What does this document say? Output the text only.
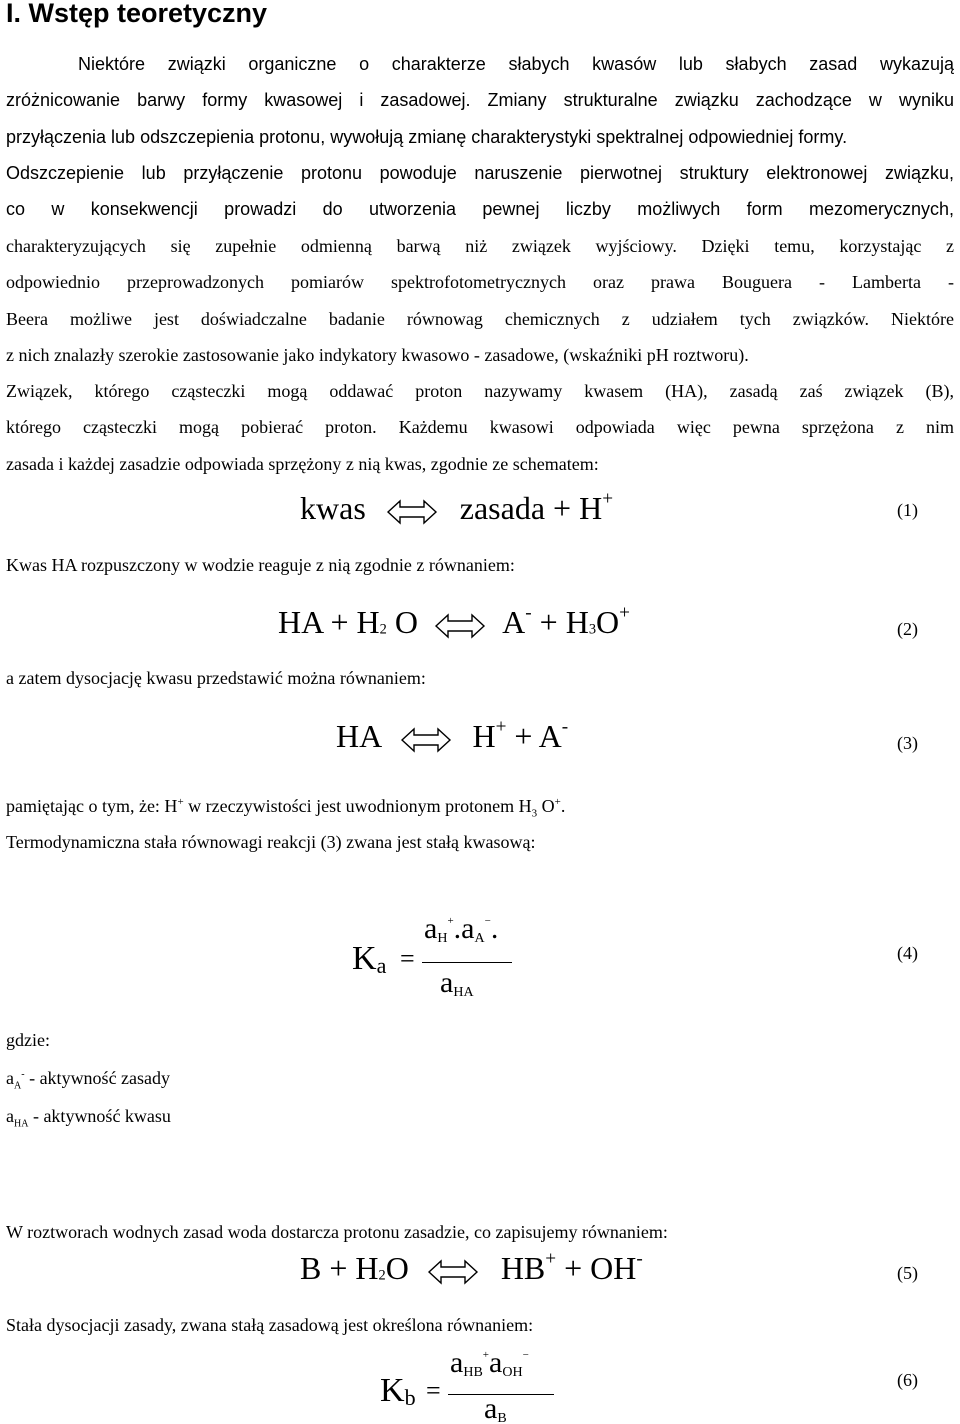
I. Wstęp teoretyczny
Niektóre związki organiczne o charakterze słabych kwasów lub słabych zasad wykazują
zróżnicowanie barwy formy kwasowej i zasadowej. Zmiany strukturalne związku zachodzące w wyniku
przyłączenia lub odszczepienia protonu, wywołują zmianę charakterystyki spektralnej odpowiedniej formy.
Odszczepienie lub przyłączenie protonu powoduje naruszenie pierwotnej struktury elektronowej związku,
co w konsekwencji prowadzi do utworzenia pewnej liczby możliwych form mezomerycznych,
charakteryzujących się zupełnie odmienną barwą niż związek wyjściowy. Dzięki temu, korzystając z
odpowiednio przeprowadzonych pomiarów spektrofotometrycznych oraz prawa Bouguera - Lamberta -
Beera możliwe jest doświadczalne badanie równowag chemicznych z udziałem tych związków. Niektóre
z nich znalazły szerokie zastosowanie jako indykatory kwasowo - zasadowe, (wskaźniki pH roztworu).
Związek, którego cząsteczki mogą oddawać proton nazywamy kwasem (HA), zasadą zaś związek (B),
którego cząsteczki mogą pobierać proton. Każdemu kwasowi odpowiada więc pewna sprzężona z nim
zasada i każdej zasadzie odpowiada sprzężony z nią kwas, zgodnie ze schematem:
kwas	zasada + H+
(1)
Kwas HA rozpuszczony w wodzie reaguje z nią zgodnie z równaniem:
HA + $H_2$ O	$A^- + H_3O^+$
(2)
a zatem dysocjację kwasu przedstawić można równaniem:
HA	H+ + A-
(3)
pamiętając o tym, że: H+ w rzeczywistości jest uwodnionym protonem $H_3$ O+.
Termodynamiczna stała równowagi reakcji (3) zwana jest stałą kwasową:
Ka =
aH+.aA−.
aHA
(4)
gdzie:
$a_A^-$ - aktywność zasady
$a_{HA}$ - aktywność kwasu
W roztworach wodnych zasad woda dostarcza protonu zasadzie, co zapisujemy równaniem:
$B + H_2O$	HB+ + OH-
(5)
Stała dysocjacji zasady, zwana stałą zasadową jest określona równaniem:
Kb =
aHB+aOH−
aB
(6)
